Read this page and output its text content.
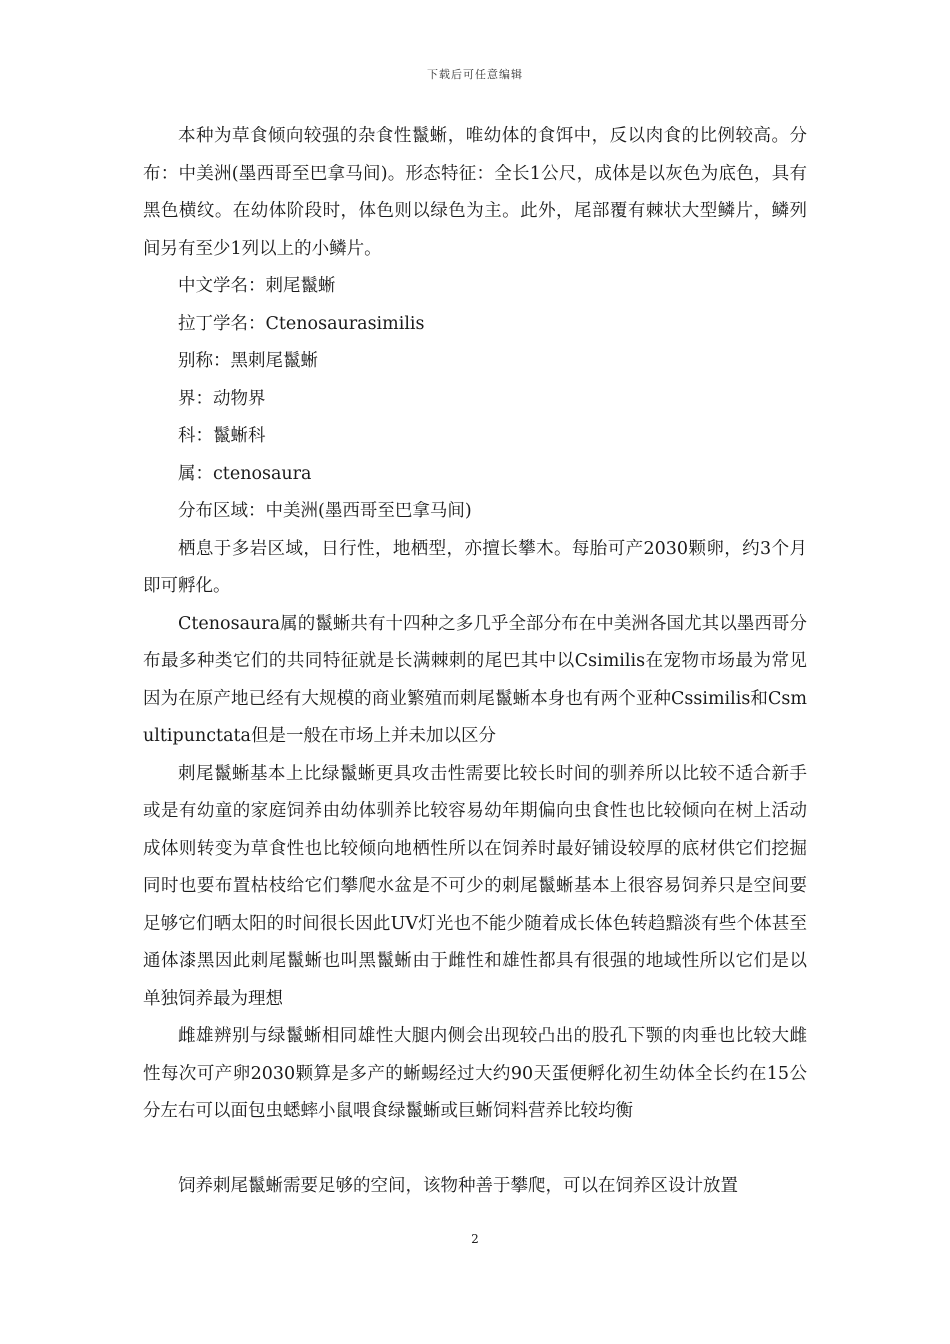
下载后可任意编辑

本种为草食倾向较强的杂食性鬣蜥，唯幼体的食饵中，反以肉食的比例较高。分布：中美洲(墨西哥至巴拿马间)。形态特征：全长1公尺，成体是以灰色为底色，具有黑色横纹。在幼体阶段时，体色则以绿色为主。此外，尾部覆有棘状大型鳞片，鳞列间另有至少1列以上的小鳞片。

中文学名：刺尾鬣蜥

拉丁学名：Ctenosaurasimilis

别称：黑刺尾鬣蜥

界：动物界

科：鬣蜥科

属：ctenosaura

分布区域：中美洲(墨西哥至巴拿马间)

栖息于多岩区域，日行性，地栖型，亦擅长攀木。每胎可产2030颗卵，约3个月即可孵化。

Ctenosaura属的鬣蜥共有十四种之多几乎全部分布在中美洲各国尤其以墨西哥分布最多种类它们的共同特征就是长满棘刺的尾巴其中以Csimilis在宠物市场最为常见因为在原产地已经有大规模的商业繁殖而刺尾鬣蜥本身也有两个亚种Cssimilis和Csmultipunctata但是一般在市场上并未加以区分

刺尾鬣蜥基本上比绿鬣蜥更具攻击性需要比较长时间的驯养所以比较不适合新手或是有幼童的家庭饲养由幼体驯养比较容易幼年期偏向虫食性也比较倾向在树上活动成体则转变为草食性也比较倾向地栖性所以在饲养时最好铺设较厚的底材供它们挖掘同时也要布置枯枝给它们攀爬水盆是不可少的刺尾鬣蜥基本上很容易饲养只是空间要足够它们晒太阳的时间很长因此UV灯光也不能少随着成长体色转趋黯淡有些个体甚至通体漆黑因此刺尾鬣蜥也叫黑鬣蜥由于雌性和雄性都具有很强的地域性所以它们是以单独饲养最为理想

雌雄辨别与绿鬣蜥相同雄性大腿内侧会出现较凸出的股孔下颚的肉垂也比较大雌性每次可产卵2030颗算是多产的蜥蜴经过大约90天蛋便孵化初生幼体全长约在15公分左右可以面包虫蟋蟀小鼠喂食绿鬣蜥或巨蜥饲料营养比较均衡

饲养刺尾鬣蜥需要足够的空间，该物种善于攀爬，可以在饲养区设计放置

2
